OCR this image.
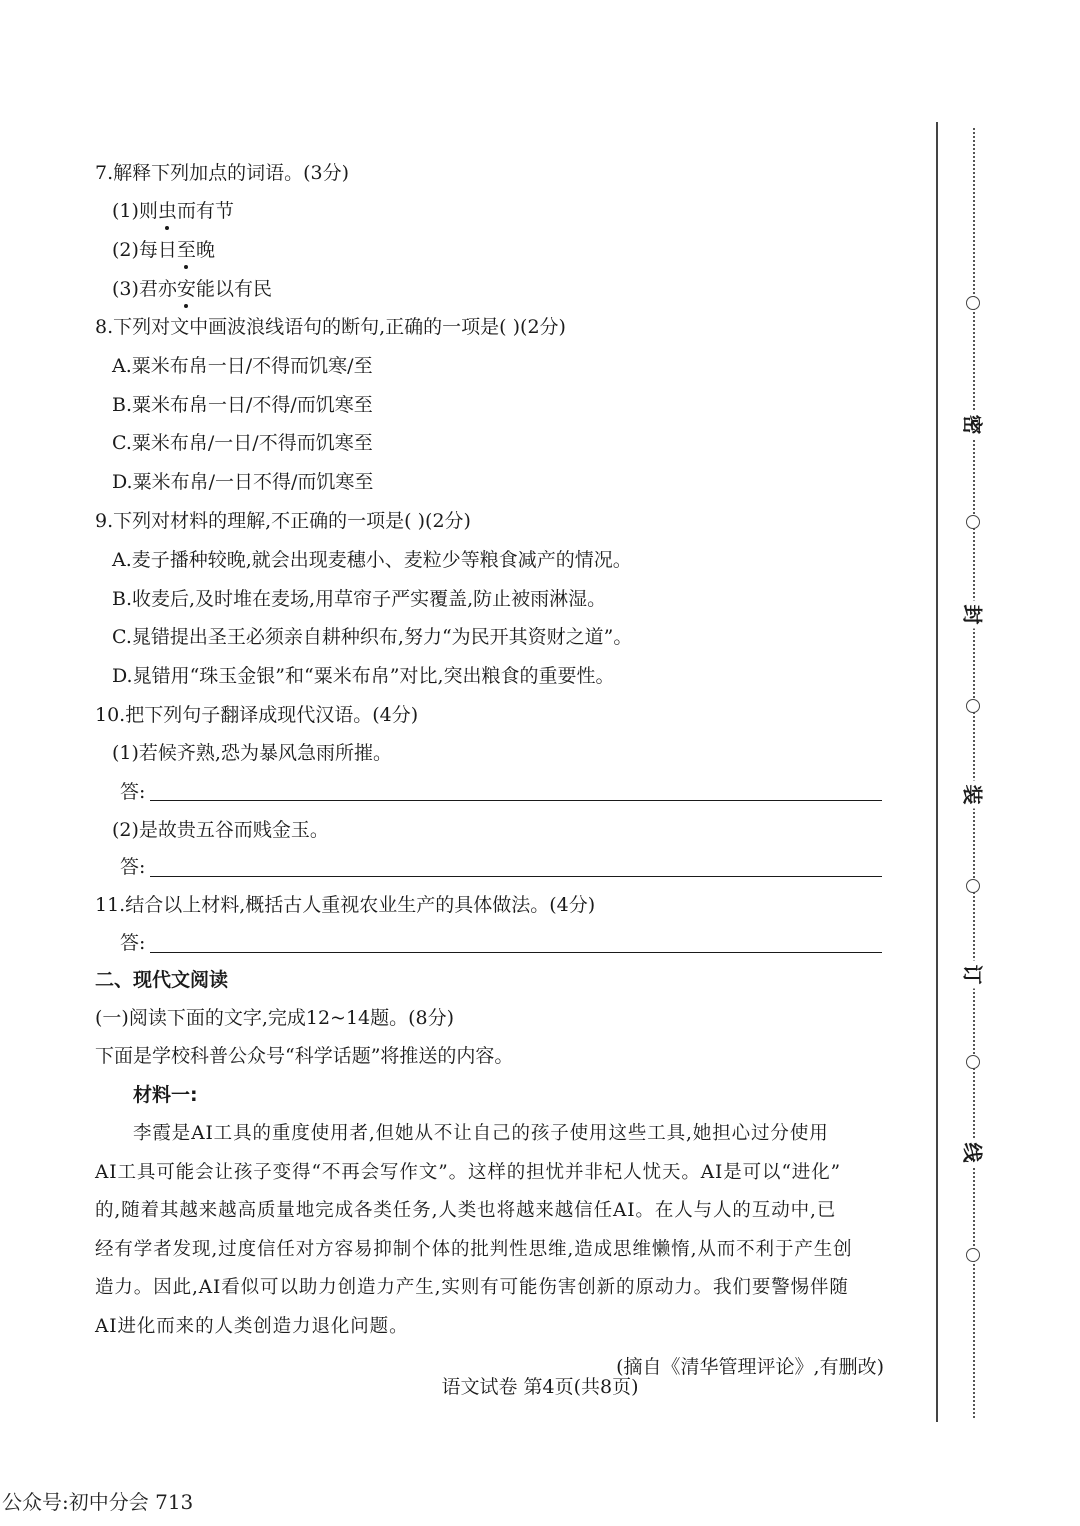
7.解释下列加点的词语。(3分)
(1)则虫而有节
(2)每日至晚
(3)君亦安能以有民
8.下列对文中画波浪线语句的断句,正确的一项是( )(2分)
A.粟米布帛一日/不得而饥寒/至
B.粟米布帛一日/不得/而饥寒至
C.粟米布帛/一日/不得而饥寒至
D.粟米布帛/一日不得/而饥寒至
9.下列对材料的理解,不正确的一项是( )(2分)
A.麦子播种较晚,就会出现麦穗小、麦粒少等粮食减产的情况。
B.收麦后,及时堆在麦场,用草帘子严实覆盖,防止被雨淋湿。
C.晁错提出圣王必须亲自耕种织布,努力“为民开其资财之道”。
D.晁错用“珠玉金银”和“粟米布帛”对比,突出粮食的重要性。
10.把下列句子翻译成现代汉语。(4分)
(1)若候齐熟,恐为暴风急雨所摧。
答:
(2)是故贵五谷而贱金玉。
答:
11.结合以上材料,概括古人重视农业生产的具体做法。(4分)
答:
二、现代文阅读
(一)阅读下面的文字,完成12~14题。(8分)
下面是学校科普公众号“科学话题”将推送的内容。
材料一:
李霞是AI工具的重度使用者,但她从不让自己的孩子使用这些工具,她担心过分使用
AI工具可能会让孩子变得“不再会写作文”。这样的担忧并非杞人忧天。AI是可以“进化”
的,随着其越来越高质量地完成各类任务,人类也将越来越信任AI。在人与人的互动中,已
经有学者发现,过度信任对方容易抑制个体的批判性思维,造成思维懒惰,从而不利于产生创
造力。因此,AI看似可以助力创造力产生,实则有可能伤害创新的原动力。我们要警惕伴随
AI进化而来的人类创造力退化问题。
(摘自《清华管理评论》,有删改)
语文试卷 第4页(共8页)
公众号:初中分会 713
密
封
装
订
线
